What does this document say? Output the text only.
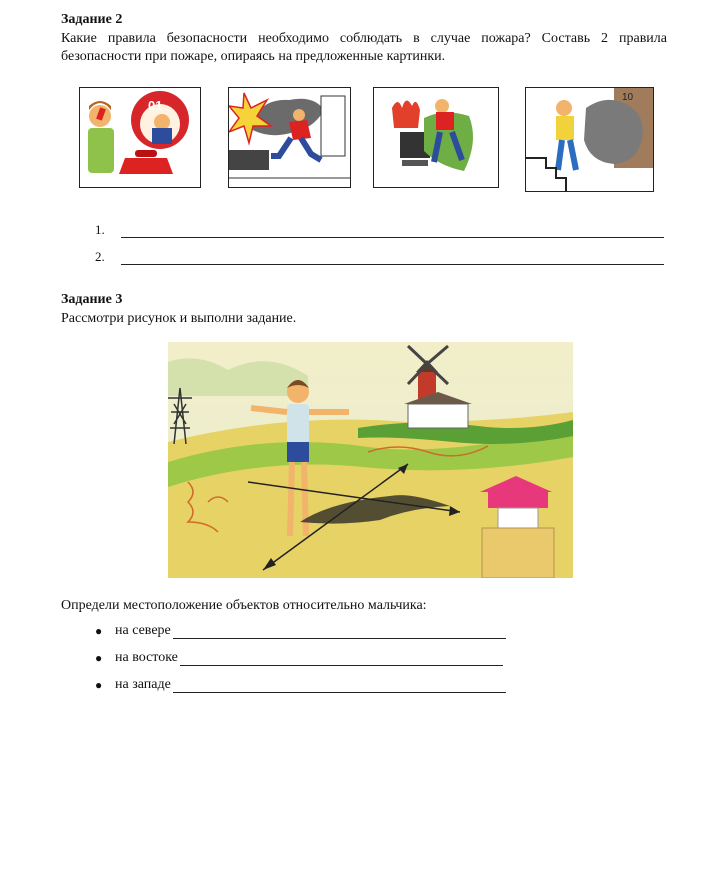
Задание 2
Какие правила безопасности необходимо соблюдать в случае пожара? Составь 2 правила
безопасности при пожаре, опираясь на предложенные картинки.
01
10
1.
2.
Задание 3
Рассмотри рисунок и выполни задание.
Определи местоположение объектов относительно мальчика:
● на севере
● на востоке
● на западе
